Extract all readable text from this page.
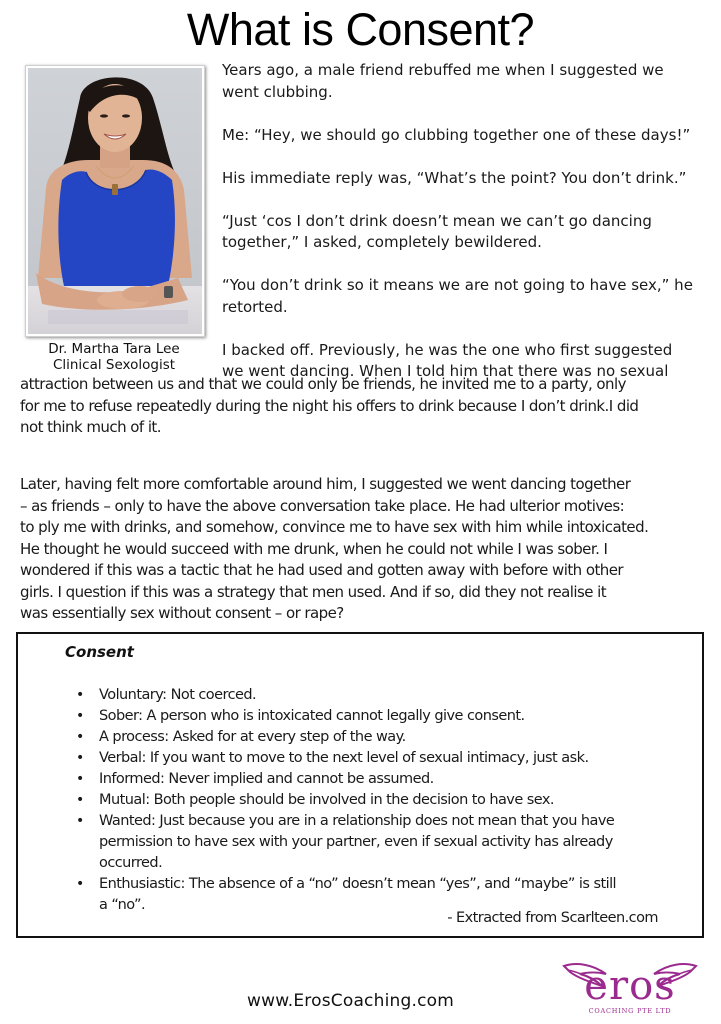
What is Consent?
Dr. Martha Tara Lee
Clinical Sexologist

Years ago, a male friend rebuffed me when I suggested we
went clubbing.

Me: “Hey, we should go clubbing together one of these days!”

His immediate reply was, “What’s the point? You don’t drink.”

“Just ‘cos I don’t drink doesn’t mean we can’t go dancing
together,” I asked, completely bewildered.

“You don’t drink so it means we are not going to have sex,” he
retorted.

I backed off. Previously, he was the one who first suggested
we went dancing. When I told him that there was no sexual

attraction between us and that we could only be friends, he invited me to a party, only
for me to refuse repeatedly during the night his offers to drink because I don’t drink.I did
not think much of it.
Later, having felt more comfortable around him, I suggested we went dancing together
– as friends – only to have the above conversation take place. He had ulterior motives:
to ply me with drinks, and somehow, convince me to have sex with him while intoxicated.
He thought he would succeed with me drunk, when he could not while I was sober. I
wondered if this was a tactic that he had used and gotten away with before with other
girls. I question if this was a strategy that men used. And if so, did they not realise it
was essentially sex without consent – or rape?
Consent
• Voluntary: Not coerced.
• Sober: A person who is intoxicated cannot legally give consent.
• A process: Asked for at every step of the way.
• Verbal: If you want to move to the next level of sexual intimacy, just ask.
• Informed: Never implied and cannot be assumed.
• Mutual: Both people should be involved in the decision to have sex.
• Wanted: Just because you are in a relationship does not mean that you have
permission to have sex with your partner, even if sexual activity has already
occurred.
• Enthusiastic: The absence of a “no” doesn’t mean “yes”, and “maybe” is still
a “no”.
- Extracted from Scarlteen.com
www.ErosCoaching.com	eros
COACHING PTE LTD
